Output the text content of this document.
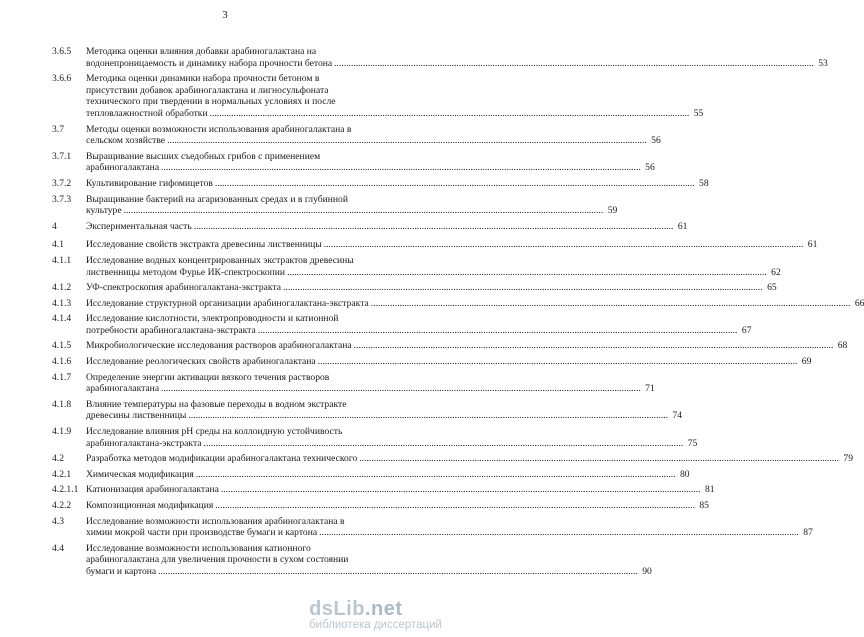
3
3.6.5	Методика оценки влияния добавки арабиногалактана на
водонепроницаемость и динамику набора прочности бетона ........................................................................................................................................................................................................ 53
3.6.6	Методика оценки динамики набора прочности бетоном в
присутствии добавок арабиногалактана и лигносульфоната
технического при твердении в нормальных условиях и после
тепловлажностной обработки ........................................................................................................................................................................................................ 55
3.7	Методы оценки возможности использования арабиногалактана в
сельском хозяйстве ........................................................................................................................................................................................................ 56
3.7.1	Выращивание высших съедобных грибов с применением
арабиногалактана ........................................................................................................................................................................................................ 56
3.7.2	Культивирование гифомицетов ........................................................................................................................................................................................................ 58
3.7.3	Выращивание бактерий на агаризованных средах и в глубинной
культуре ........................................................................................................................................................................................................ 59
4	Экспериментальная часть ........................................................................................................................................................................................................ 61
4.1	Исследование свойств экстракта древесины лиственницы ........................................................................................................................................................................................................ 61
4.1.1	Исследование водных концентрированных экстрактов древесины
лиственницы методом Фурье ИК-спектроскопии ........................................................................................................................................................................................................ 62
4.1.2	УФ-спектроскопия арабиногалактана-экстракта ........................................................................................................................................................................................................ 65
4.1.3	Исследование структурной организации арабиногалактана-экстракта ........................................................................................................................................................................................................ 66
4.1.4	Исследование кислотности, электропроводности и катионной
потребности арабиногалактана-экстракта ........................................................................................................................................................................................................ 67
4.1.5	Микробиологические исследования растворов арабиногалактана ........................................................................................................................................................................................................ 68
4.1.6	Исследование реологических свойств арабиногалактана ........................................................................................................................................................................................................ 69
4.1.7	Определение энергии активации вязкого течения растворов
арабиногалактана ........................................................................................................................................................................................................ 71
4.1.8	Влияние температуры на фазовые переходы в водном экстракте
древесины лиственницы ........................................................................................................................................................................................................ 74
4.1.9	Исследование влияния pH среды на коллоидную устойчивость
арабиногалактана-экстракта ........................................................................................................................................................................................................ 75
4.2	Разработка методов модификации арабиногалактана технического ........................................................................................................................................................................................................ 79
4.2.1	Химическая модификация ........................................................................................................................................................................................................ 80
4.2.1.1 Катионизация арабиногалактана ........................................................................................................................................................................................................ 81
4.2.2	Композиционная модификация ........................................................................................................................................................................................................ 85
4.3	Исследование возможности использования арабиногалактана в
химии мокрой части при производстве бумаги и картона ........................................................................................................................................................................................................ 87
4.4	Исследование возможности использования катионного
арабиногалактана для увеличения прочности в сухом состоянии
бумаги и картона ........................................................................................................................................................................................................ 90
dsLib.net
библиотека диссертаций
